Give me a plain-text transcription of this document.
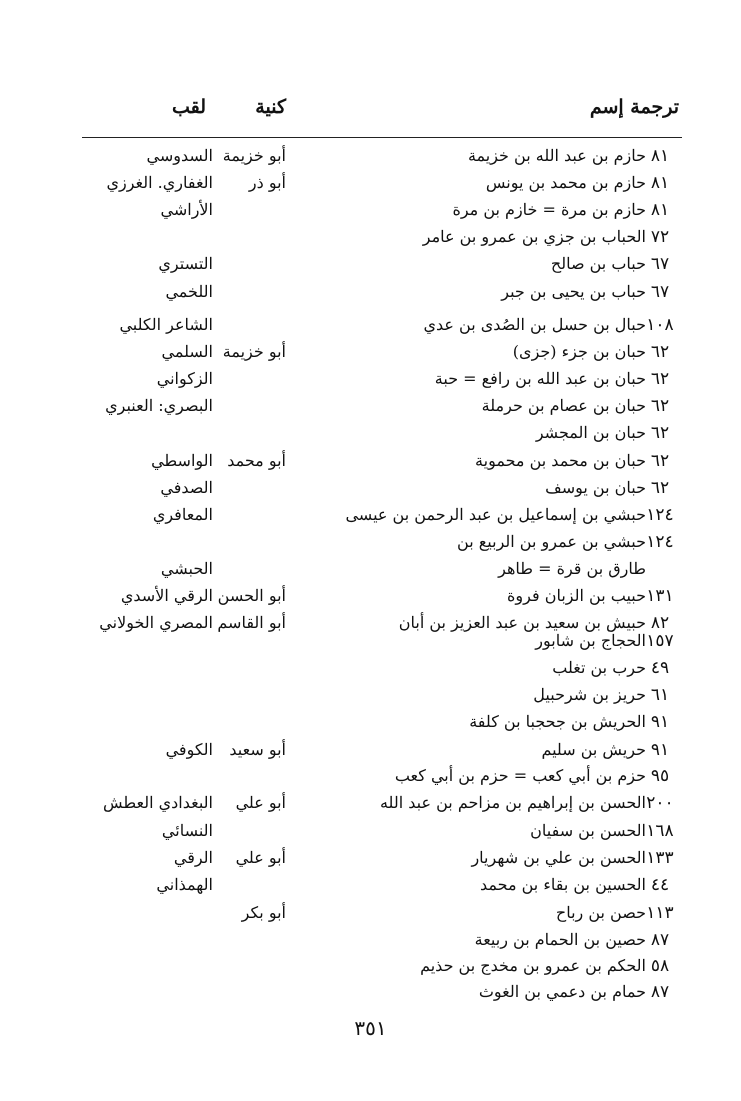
ترجمة إسم
كنية
لقب
٨١
حازم بن عبد الله بن خزيمة
أبو خزيمة
السدوسي
٨١
حازم بن محمد بن يونس
أبو ذر
الغفاري. الغرزي
٨١
حازم بن مرة = خازم بن مرة
الأراشي
٧٢
الحباب بن جزي بن عمرو بن عامر
٦٧
حباب بن صالح
التستري
٦٧
حباب بن يحيى بن جبر
اللخمي
١٠٨
حبال بن حسل بن الصُدى بن عدي
الشاعر الكلبي
٦٢
حبان بن جزء (جزى)
أبو خزيمة
السلمي
٦٢
حبان بن عبد الله بن رافع = حبة
الزكواني
٦٢
حبان بن عصام بن حرملة
البصري: العنبري
٦٢
حبان بن المجشر
٦٢
حبان بن محمد بن محموية
أبو محمد
الواسطي
٦٢
حبان بن يوسف
الصدفي
١٢٤
حبشي بن إسماعيل بن عبد الرحمن بن عيسى
المعافري
١٢٤
حبشي بن عمرو بن الربيع بن
طارق بن قرة = طاهر
الحبشي
١٣١
حبيب بن الزبان فروة
أبو الحسن
الرقي الأسدي
٨٢
حبيش بن سعيد بن عبد العزيز بن أبان
أبو القاسم
المصري الخولاني
١٥٧
الحجاج بن شابور
٤٩
حرب بن تغلب
٦١
حريز بن شرحبيل
٩١
الحريش بن جحجبا بن كلفة
٩١
حريش بن سليم
أبو سعيد
الكوفي
٩٥
حزم بن أبي كعب = حزم بن أبي كعب
٢٠٠
الحسن بن إبراهيم بن مزاحم بن عبد الله
أبو علي
البغدادي العطش
١٦٨
الحسن بن سفيان
النسائي
١٣٣
الحسن بن علي بن شهريار
أبو علي
الرقي
٤٤
الحسين بن بقاء بن محمد
الهمذاني
١١٣
حصن بن رباح
أبو بكر
٨٧
حصين بن الحمام بن ربيعة
٥٨
الحكم بن عمرو بن مخدج بن حذيم
٨٧
حمام بن دعمي بن الغوث
٣٥١
